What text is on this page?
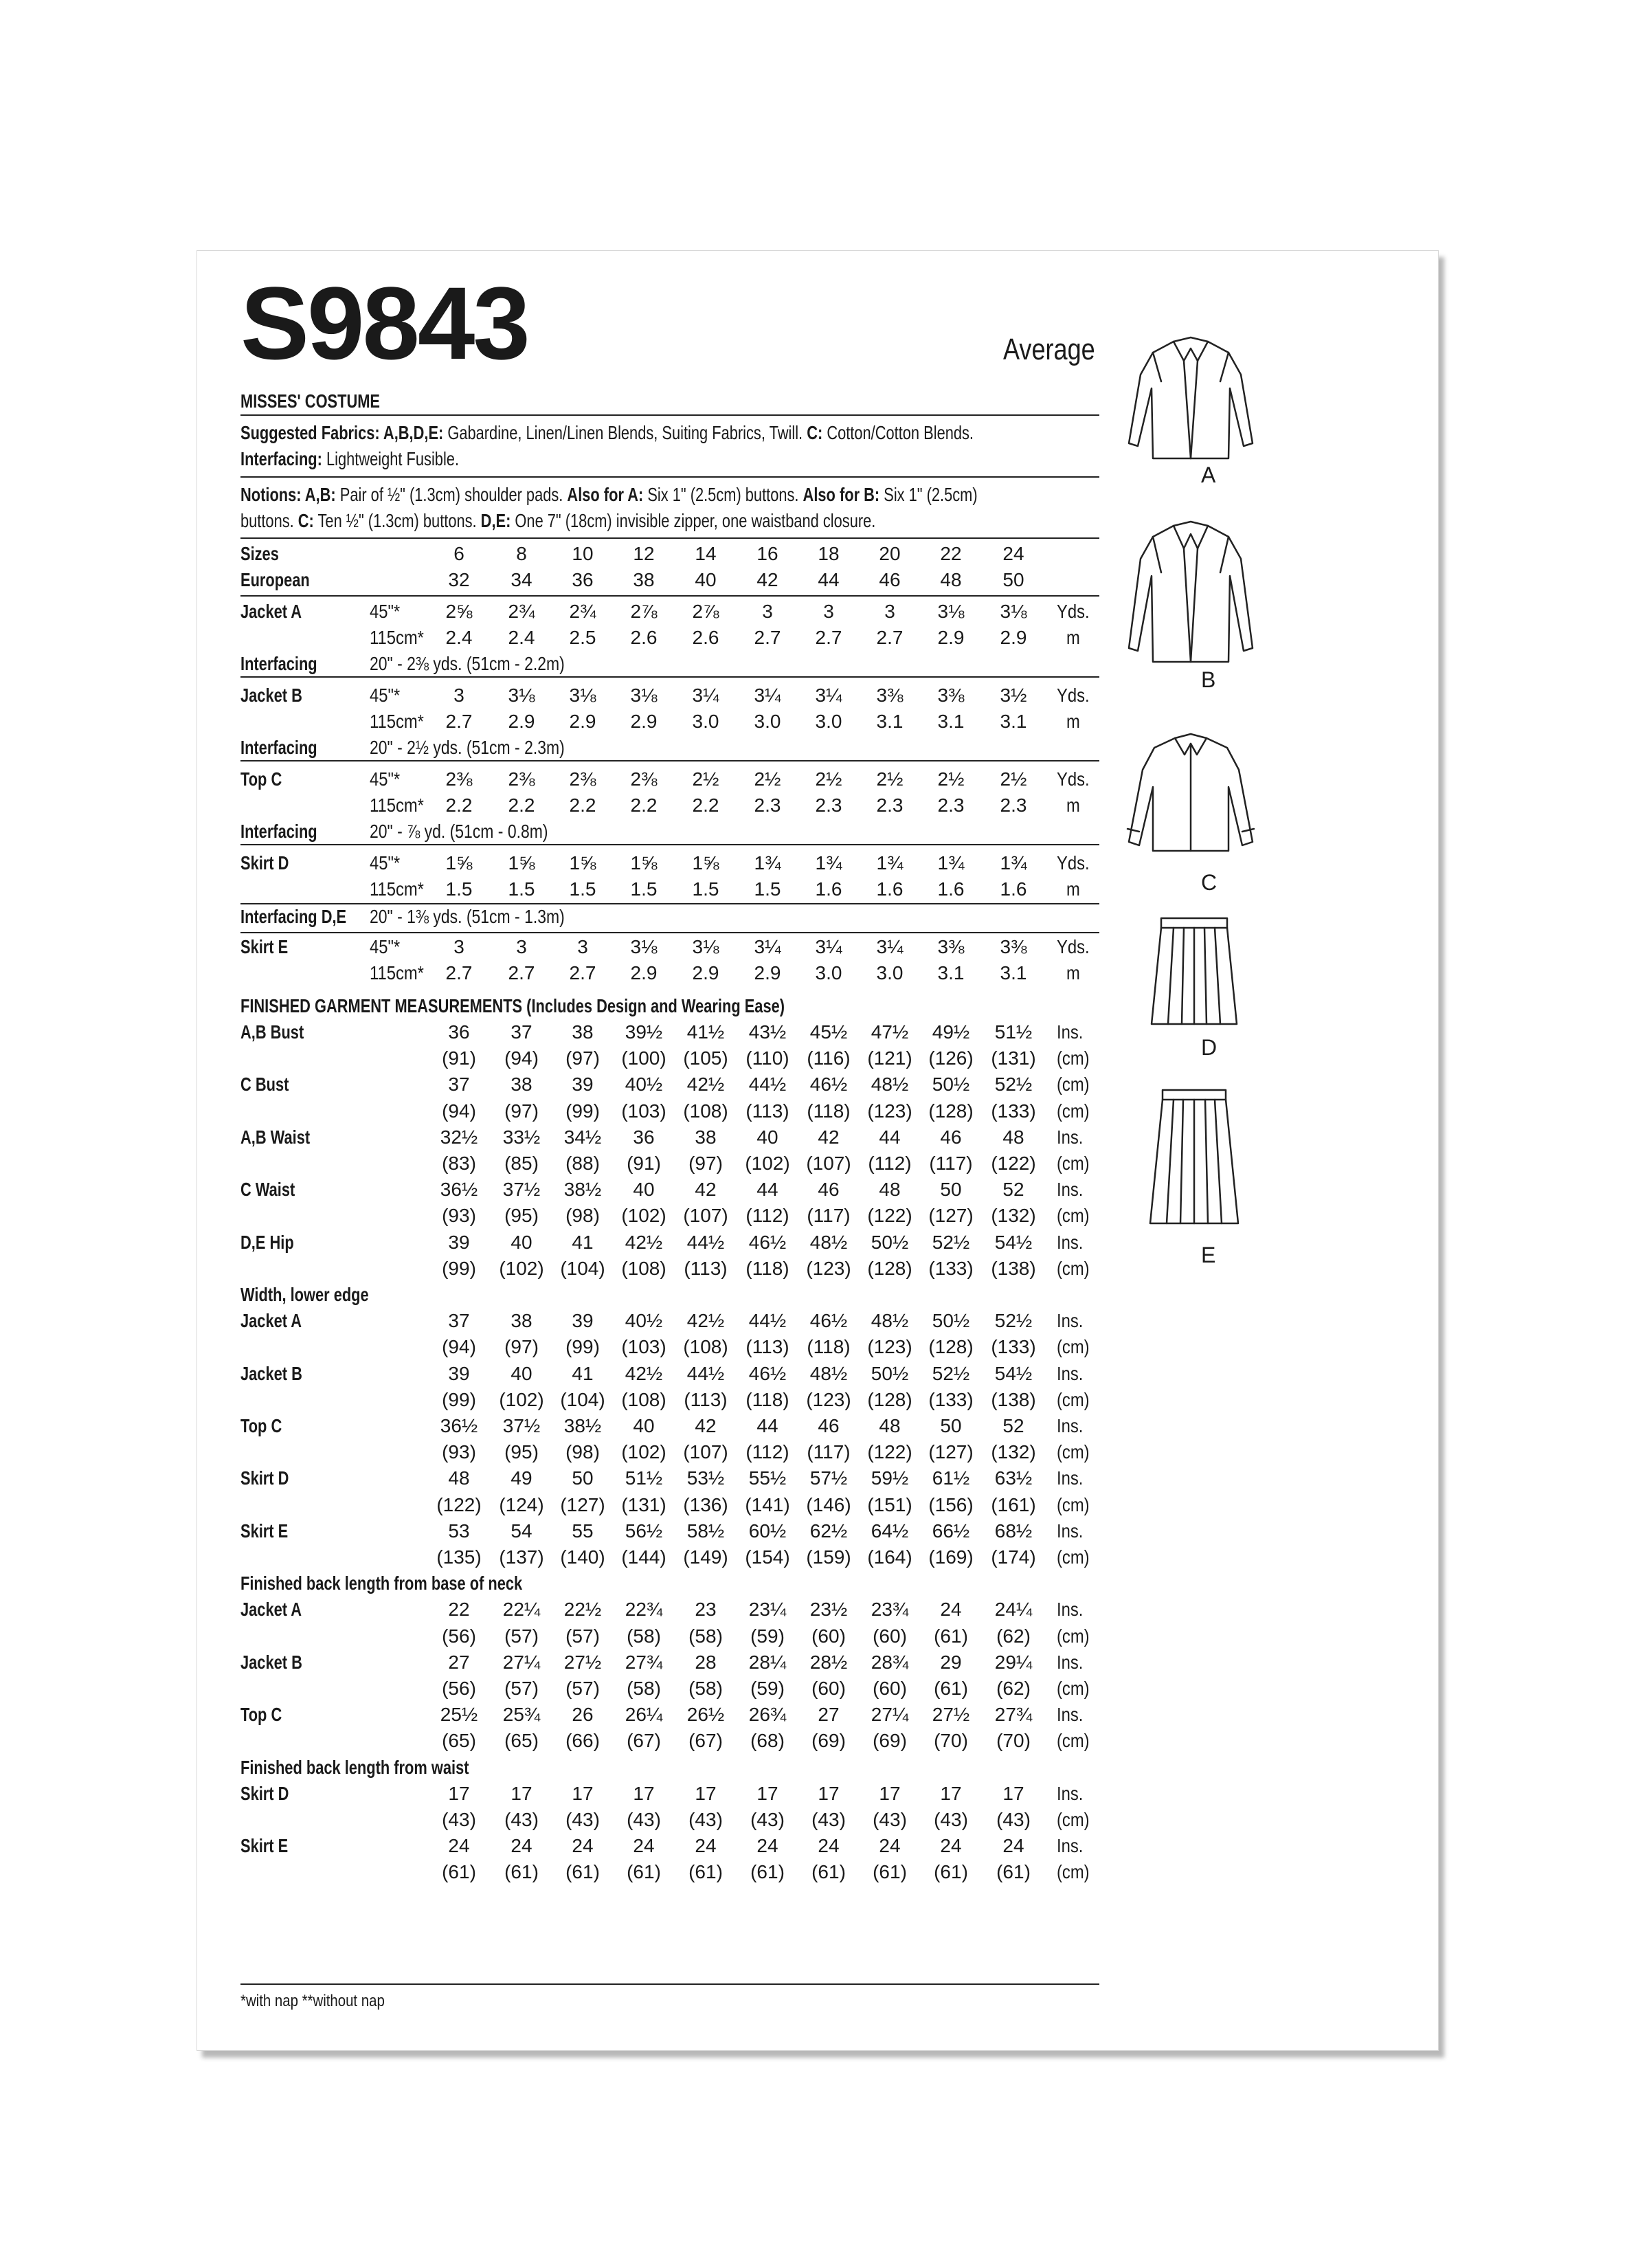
S9843	Average
MISSES' COSTUME
Suggested Fabrics: A,B,D,E: Gabardine, Linen/Linen Blends, Suiting Fabrics, Twill. C: Cotton/Cotton Blends.
Interfacing: Lightweight Fusible.
Notions: A,B: Pair of ½" (1.3cm) shoulder pads. Also for A: Six 1" (2.5cm) buttons. Also for B: Six 1" (2.5cm)
buttons. C: Ten ½" (1.3cm) buttons. D,E: One 7" (18cm) invisible zipper, one waistband closure.
Sizes	6	8	10	12	14	16	18	20	22	24
European	32	34	36	38	40	42	44	46	48	50
Jacket A	45"*	2⅝	2¾	2¾	2⅞	2⅞	3	3	3	3⅛	3⅛	Yds.
115cm*	2.4	2.4	2.5	2.6	2.6	2.7	2.7	2.7	2.9	2.9	m
Interfacing	20" - 2⅜ yds. (51cm - 2.2m)
Jacket B	45"*	3	3⅛	3⅛	3⅛	3¼	3¼	3¼	3⅜	3⅜	3½	Yds.
115cm*	2.7	2.9	2.9	2.9	3.0	3.0	3.0	3.1	3.1	3.1	m
Interfacing	20" - 2½ yds. (51cm - 2.3m)
Top C	45"*	2⅜	2⅜	2⅜	2⅜	2½	2½	2½	2½	2½	2½	Yds.
115cm*	2.2	2.2	2.2	2.2	2.2	2.3	2.3	2.3	2.3	2.3	m
Interfacing	20" - ⅞ yd. (51cm - 0.8m)
Skirt D	45"*	1⅝	1⅝	1⅝	1⅝	1⅝	1¾	1¾	1¾	1¾	1¾	Yds.
115cm*	1.5	1.5	1.5	1.5	1.5	1.5	1.6	1.6	1.6	1.6	m
Interfacing D,E 20" - 1⅜ yds. (51cm - 1.3m)
Skirt E	45"*	3	3	3	3⅛	3⅛	3¼	3¼	3¼	3⅜	3⅜	Yds.
115cm*	2.7	2.7	2.7	2.9	2.9	2.9	3.0	3.0	3.1	3.1	m
FINISHED GARMENT MEASUREMENTS (Includes Design and Wearing Ease)
A,B Bust	36	37	38	39½	41½	43½	45½	47½	49½	51½	Ins.
(91)	(94)	(97)	(100) (105) (110) (116) (121) (126) (131)	(cm)
C Bust	37	38	39	40½	42½	44½	46½	48½	50½	52½	(cm)
(94)	(97)	(99)	(103) (108) (113) (118) (123) (128) (133)	(cm)
A,B Waist	32½	33½	34½	36	38	40	42	44	46	48	Ins.
(83)	(85)	(88)	(91)	(97)	(102) (107) (112) (117) (122)	(cm)
C Waist	36½	37½	38½	40	42	44	46	48	50	52	Ins.
(93)	(95)	(98)	(102) (107) (112) (117) (122) (127) (132)	(cm)
D,E Hip	39	40	41	42½	44½	46½	48½	50½	52½	54½	Ins.
(99)	(102) (104) (108) (113) (118) (123) (128) (133) (138)	(cm)
Width, lower edge
Jacket A	37	38	39	40½	42½	44½	46½	48½	50½	52½	Ins.
(94)	(97)	(99)	(103) (108) (113) (118) (123) (128) (133)	(cm)
Jacket B	39	40	41	42½	44½	46½	48½	50½	52½	54½	Ins.
(99)	(102) (104) (108) (113) (118) (123) (128) (133) (138)	(cm)
Top C	36½	37½	38½	40	42	44	46	48	50	52	Ins.
(93)	(95)	(98)	(102) (107) (112) (117) (122) (127) (132)	(cm)
Skirt D	48	49	50	51½	53½	55½	57½	59½	61½	63½	Ins.
(122) (124) (127) (131) (136) (141) (146) (151) (156) (161)	(cm)
Skirt E	53	54	55	56½	58½	60½	62½	64½	66½	68½	Ins.
(135) (137) (140) (144) (149) (154) (159) (164) (169) (174)	(cm)
Finished back length from base of neck
Jacket A	22	22¼	22½	22¾	23	23¼	23½	23¾	24	24¼	Ins.
(56)	(57)	(57)	(58)	(58)	(59)	(60)	(60)	(61)	(62)	(cm)
Jacket B	27	27¼	27½	27¾	28	28¼	28½	28¾	29	29¼	Ins.
(56)	(57)	(57)	(58)	(58)	(59)	(60)	(60)	(61)	(62)	(cm)
Top C	25½	25¾	26	26¼	26½	26¾	27	27¼	27½	27¾	Ins.
(65)	(65)	(66)	(67)	(67)	(68)	(69)	(69)	(70)	(70)	(cm)
Finished back length from waist
Skirt D	17	17	17	17	17	17	17	17	17	17	Ins.
(43)	(43)	(43)	(43)	(43)	(43)	(43)	(43)	(43)	(43)	(cm)
Skirt E	24	24	24	24	24	24	24	24	24	24	Ins.
(61)	(61)	(61)	(61)	(61)	(61)	(61)	(61)	(61)	(61)	(cm)
*with nap **without nap
A
B
C
D
E
